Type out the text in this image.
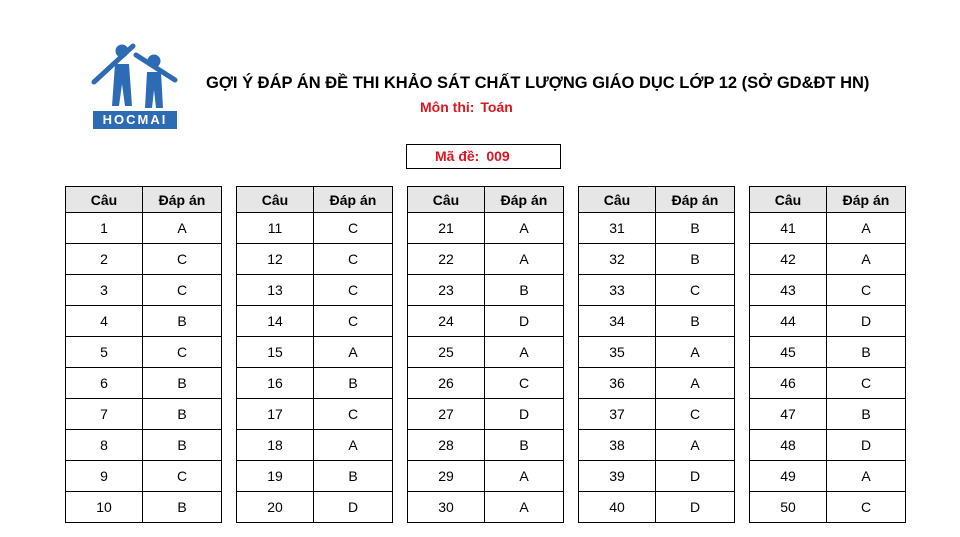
HOCMAI
GỢI Ý ĐÁP ÁN ĐỀ THI KHẢO SÁT CHẤT LƯỢNG GIÁO DỤC LỚP 12 (SỞ GD&ĐT HN)
Môn thi: Toán
Mã đề: 009
Câu	Đáp án
1	A
2	C
3	C
4	B
5	C
6	B
7	B
8	B
9	C
10	B
Câu	Đáp án
11	C
12	C
13	C
14	C
15	A
16	B
17	C
18	A
19	B
20	D
Câu	Đáp án
21	A
22	A
23	B
24	D
25	A
26	C
27	D
28	B
29	A
30	A
Câu	Đáp án
31	B
32	B
33	C
34	B
35	A
36	A
37	C
38	A
39	D
40	D
Câu	Đáp án
41	A
42	A
43	C
44	D
45	B
46	C
47	B
48	D
49	A
50	C
